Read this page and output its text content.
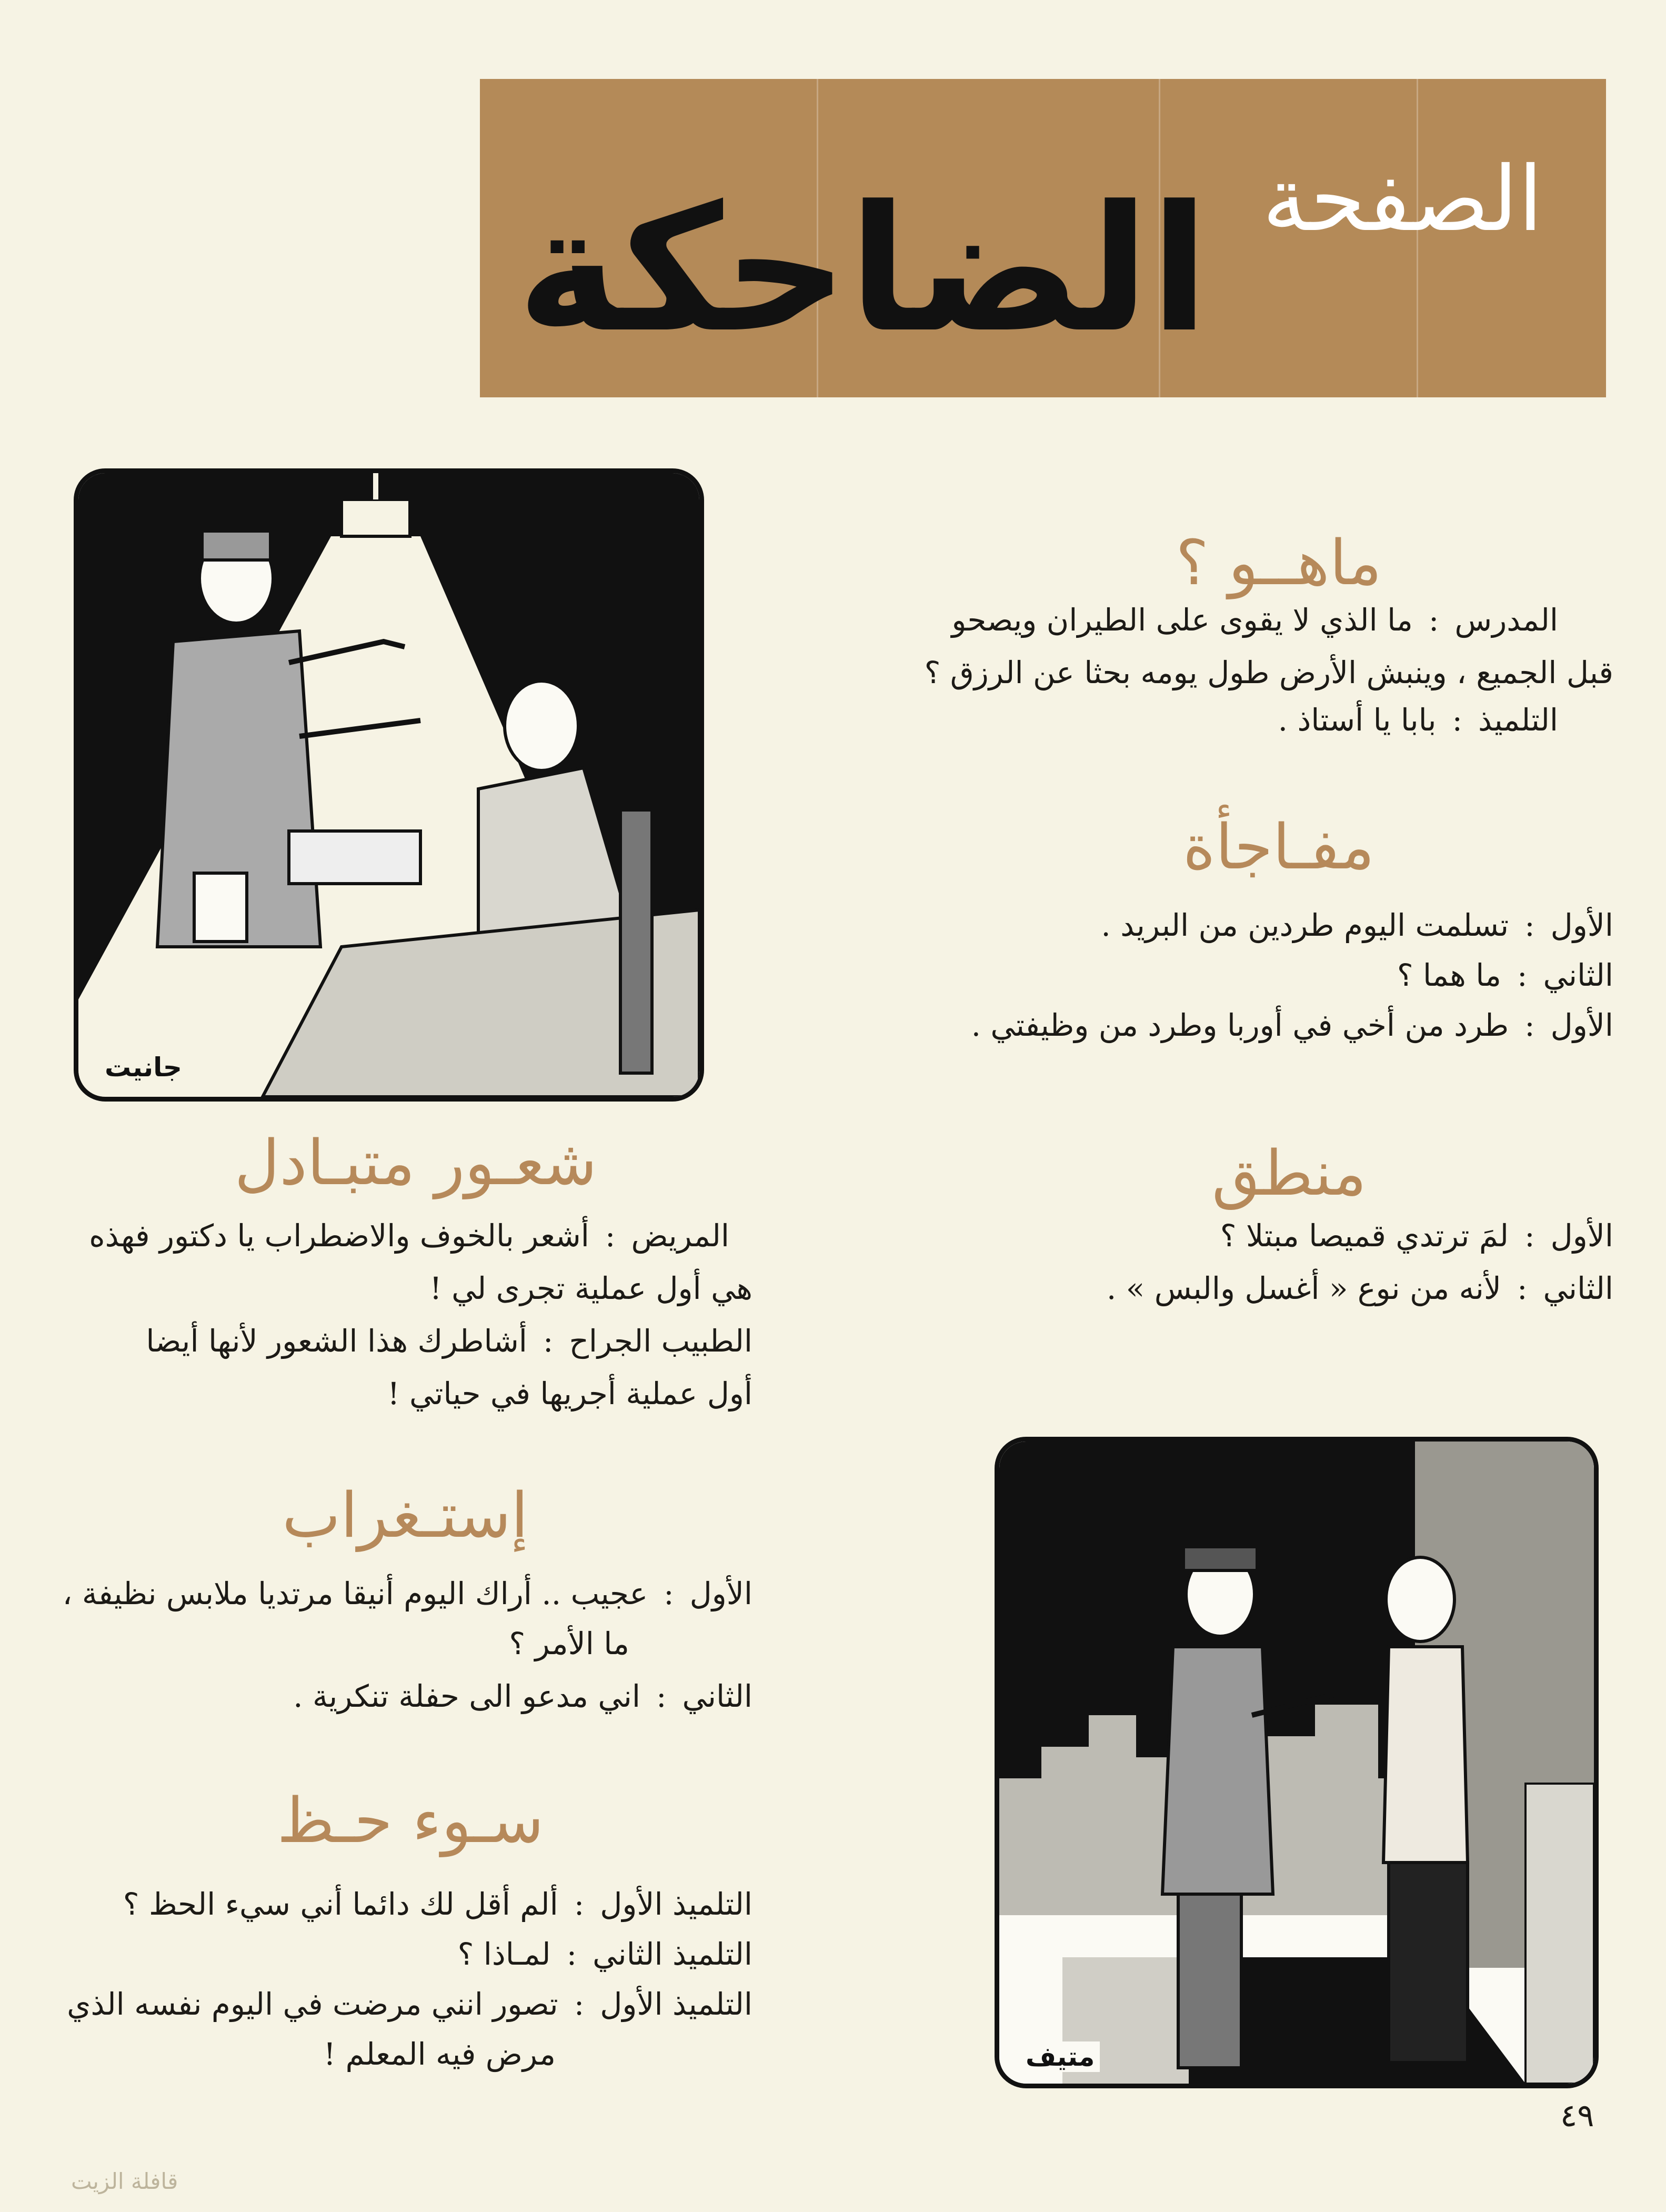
الصفحة
الضاحكة
جانيت
متيف
ماهــو ؟
المدرس:ما الذي لا يقوى على الطيران ويصحو
قبل الجميع ، وينبش الأرض طول يومه بحثا عن الرزق ؟
التلميذ:بابا يا أستاذ .
مفـاجأة
الأول:تسلمت اليوم طردين من البريد .
الثاني:ما هما ؟
الأول:طرد من أخي في أوربا وطرد من وظيفتي .
منطق
الأول:لمَ ترتدي قميصا مبتلا ؟
الثاني:لأنه من نوع « أغسل والبس » .
شعـور متبـادل
المريض:أشعر بالخوف والاضطراب يا دكتور فهذه
هي أول عملية تجرى لي !
الطبيب الجراح:أشاطرك هذا الشعور لأنها أيضا
أول عملية أجريها في حياتي !
إستـغراب
الأول:عجيب .. أراك اليوم أنيقا مرتديا ملابس نظيفة ،
ما الأمر ؟
الثاني:اني مدعو الى حفلة تنكرية .
سـوء حـظ
التلميذ الأول:ألم أقل لك دائما أني سيء الحظ ؟
التلميذ الثاني:لمـاذا ؟
التلميذ الأول:تصور انني مرضت في اليوم نفسه الذي
مرض فيه المعلم !
٤٩
قافلة الزيت
